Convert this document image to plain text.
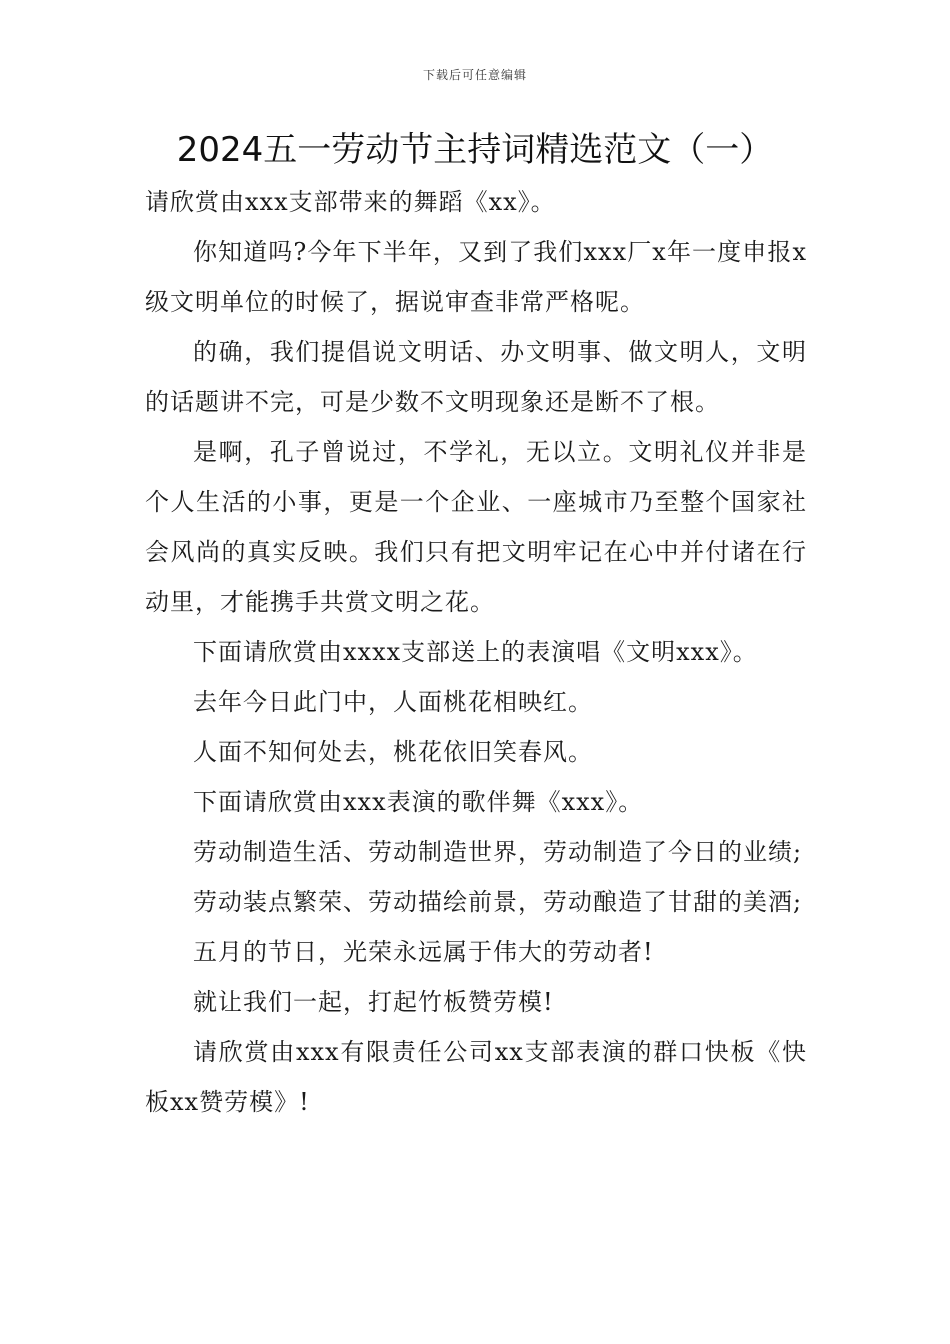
下载后可任意编辑
2024五一劳动节主持词精选范文（一）

请欣赏由xxx支部带来的舞蹈《xx》。

你知道吗?今年下半年，又到了我们xxx厂x年一度申报x级文明单位的时候了，据说审查非常严格呢。

的确，我们提倡说文明话、办文明事、做文明人，文明的话题讲不完，可是少数不文明现象还是断不了根。

是啊，孔子曾说过，不学礼，无以立。文明礼仪并非是个人生活的小事，更是一个企业、一座城市乃至整个国家社会风尚的真实反映。我们只有把文明牢记在心中并付诸在行动里，才能携手共赏文明之花。

下面请欣赏由xxxx支部送上的表演唱《文明xxx》。

去年今日此门中，人面桃花相映红。

人面不知何处去，桃花依旧笑春风。

下面请欣赏由xxx表演的歌伴舞《xxx》。

劳动制造生活、劳动制造世界，劳动制造了今日的业绩;

劳动装点繁荣、劳动描绘前景，劳动酿造了甘甜的美酒;

五月的节日，光荣永远属于伟大的劳动者!

就让我们一起，打起竹板赞劳模!

请欣赏由xxx有限责任公司xx支部表演的群口快板《快板xx赞劳模》!
